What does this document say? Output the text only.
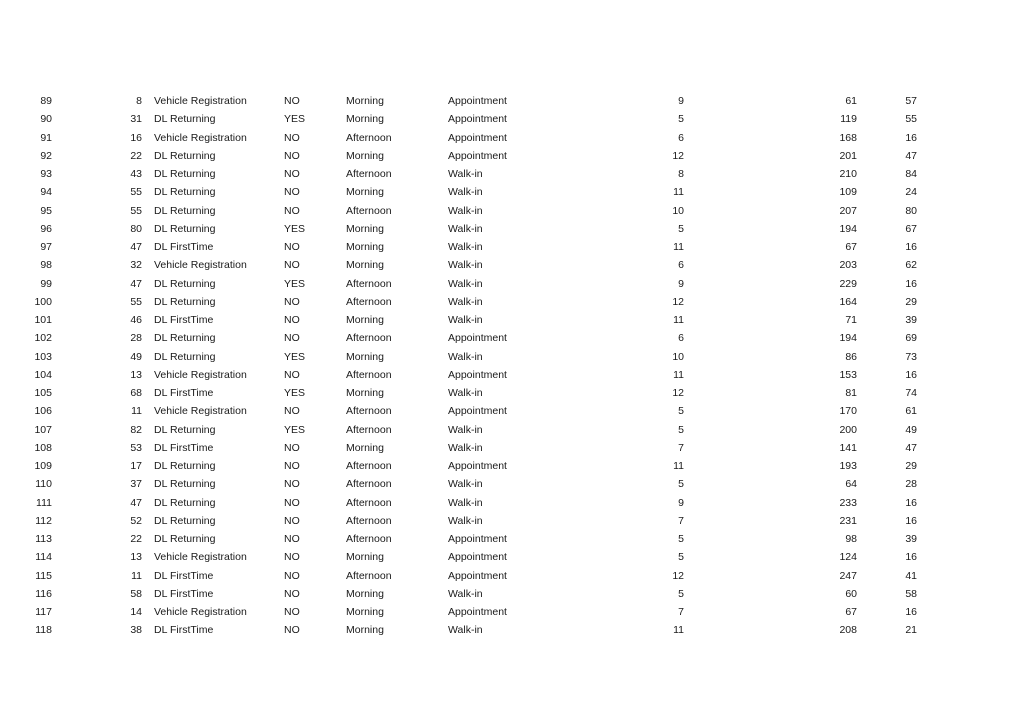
89	8		Vehicle Registration	NO	Morning	Appointment	9	61	57
90	31		DL Returning	YES	Morning	Appointment	5	119	55
91	16		Vehicle Registration	NO	Afternoon	Appointment	6	168	16
92	22		DL Returning	NO	Morning	Appointment	12	201	47
93	43		DL Returning	NO	Afternoon	Walk-in	8	210	84
94	55		DL Returning	NO	Morning	Walk-in	11	109	24
95	55		DL Returning	NO	Afternoon	Walk-in	10	207	80
96	80		DL Returning	YES	Morning	Walk-in	5	194	67
97	47		DL FirstTime	NO	Morning	Walk-in	11	67	16
98	32		Vehicle Registration	NO	Morning	Walk-in	6	203	62
99	47		DL Returning	YES	Afternoon	Walk-in	9	229	16
100	55		DL Returning	NO	Afternoon	Walk-in	12	164	29
101	46		DL FirstTime	NO	Morning	Walk-in	11	71	39
102	28		DL Returning	NO	Afternoon	Appointment	6	194	69
103	49		DL Returning	YES	Morning	Walk-in	10	86	73
104	13		Vehicle Registration	NO	Afternoon	Appointment	11	153	16
105	68		DL FirstTime	YES	Morning	Walk-in	12	81	74
106	11		Vehicle Registration	NO	Afternoon	Appointment	5	170	61
107	82		DL Returning	YES	Afternoon	Walk-in	5	200	49
108	53		DL FirstTime	NO	Morning	Walk-in	7	141	47
109	17		DL Returning	NO	Afternoon	Appointment	11	193	29
110	37		DL Returning	NO	Afternoon	Walk-in	5	64	28
111	47		DL Returning	NO	Afternoon	Walk-in	9	233	16
112	52		DL Returning	NO	Afternoon	Walk-in	7	231	16
113	22		DL Returning	NO	Afternoon	Appointment	5	98	39
114	13		Vehicle Registration	NO	Morning	Appointment	5	124	16
115	11		DL FirstTime	NO	Afternoon	Appointment	12	247	41
116	58		DL FirstTime	NO	Morning	Walk-in	5	60	58
117	14		Vehicle Registration	NO	Morning	Appointment	7	67	16
118	38		DL FirstTime	NO	Morning	Walk-in	11	208	21
